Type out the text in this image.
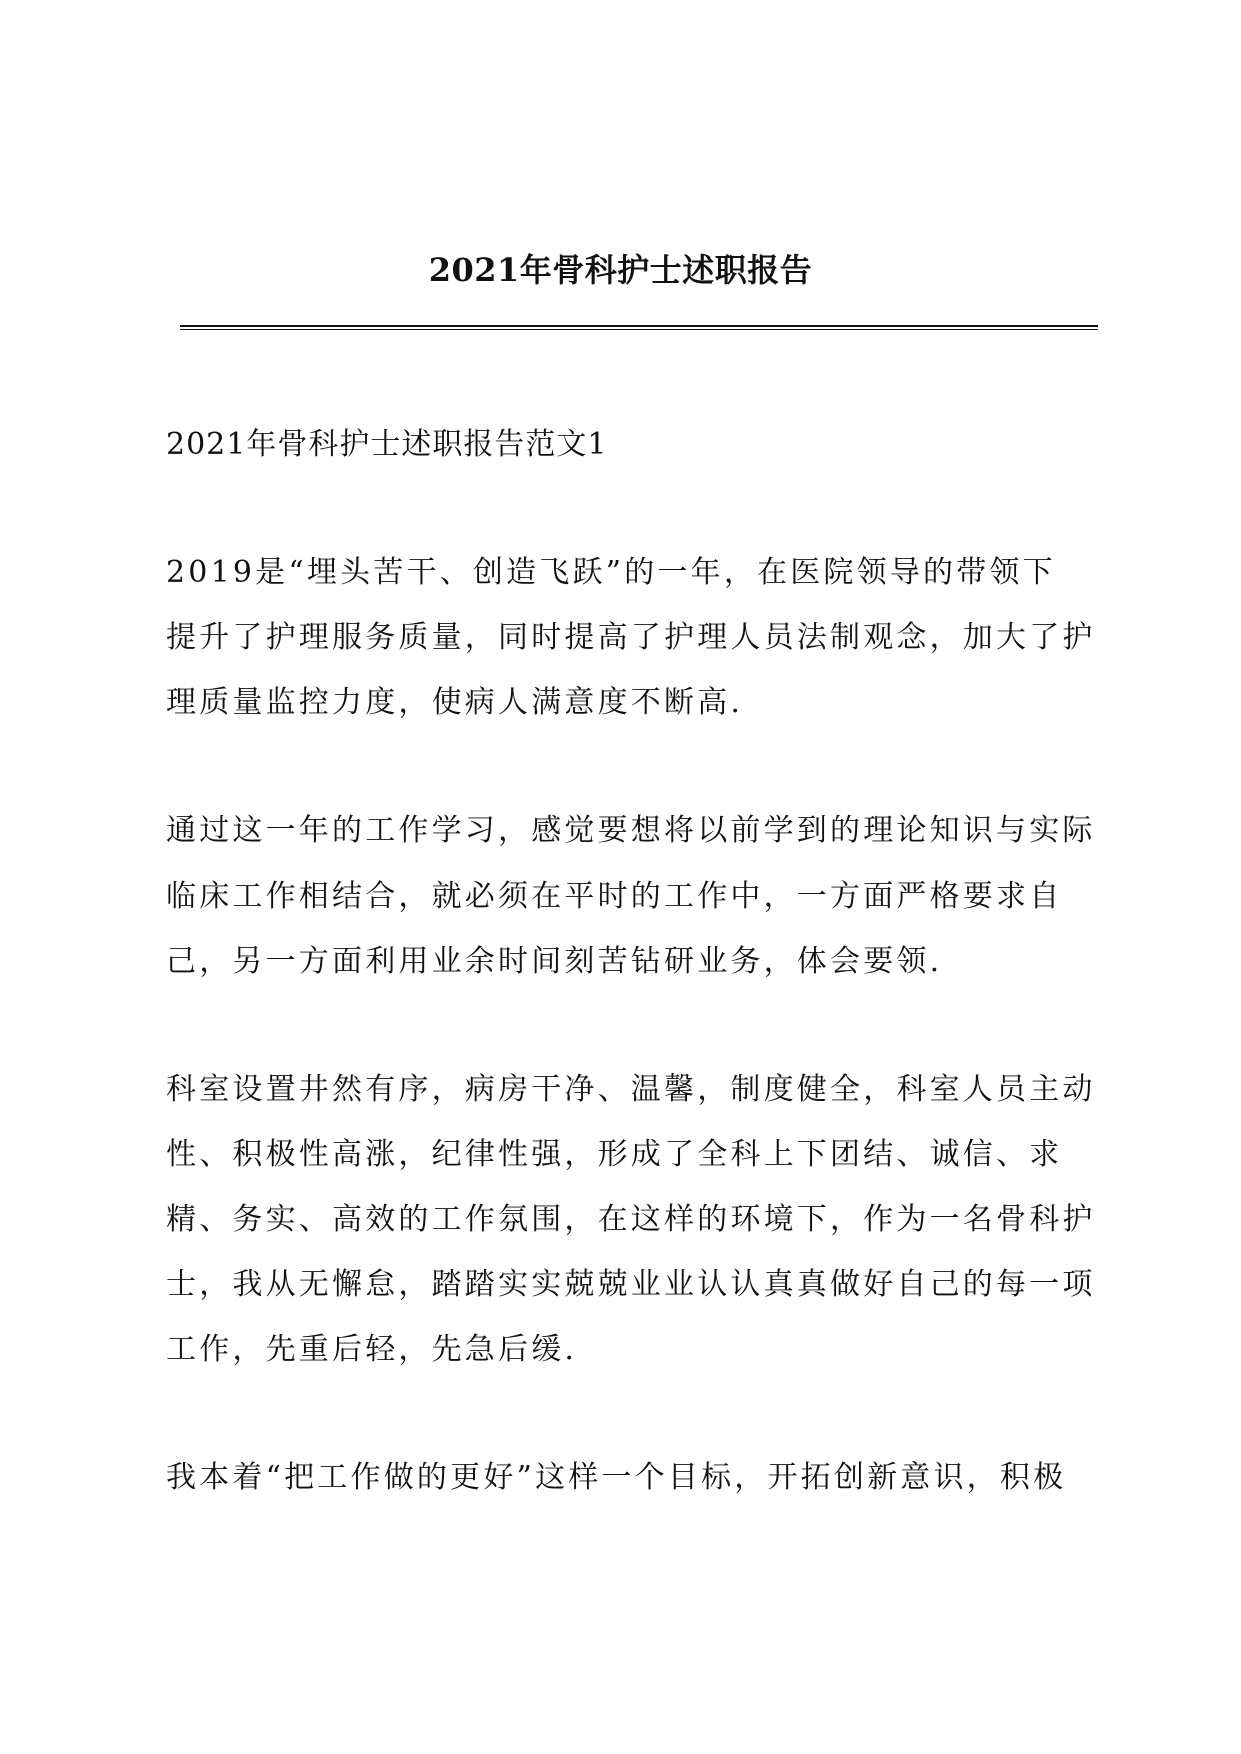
2021年骨科护士述职报告
2021年骨科护士述职报告范文1
2019是“埋头苦干、创造飞跃”的一年，在医院领导的带领下
提升了护理服务质量，同时提高了护理人员法制观念，加大了护
理质量监控力度，使病人满意度不断高.
通过这一年的工作学习，感觉要想将以前学到的理论知识与实际
临床工作相结合，就必须在平时的工作中，一方面严格要求自
己，另一方面利用业余时间刻苦钻研业务，体会要领.
科室设置井然有序，病房干净、温馨，制度健全，科室人员主动
性、积极性高涨，纪律性强，形成了全科上下团结、诚信、求
精、务实、高效的工作氛围，在这样的环境下，作为一名骨科护
士，我从无懈怠，踏踏实实兢兢业业认认真真做好自己的每一项
工作，先重后轻，先急后缓.
我本着“把工作做的更好”这样一个目标，开拓创新意识，积极
